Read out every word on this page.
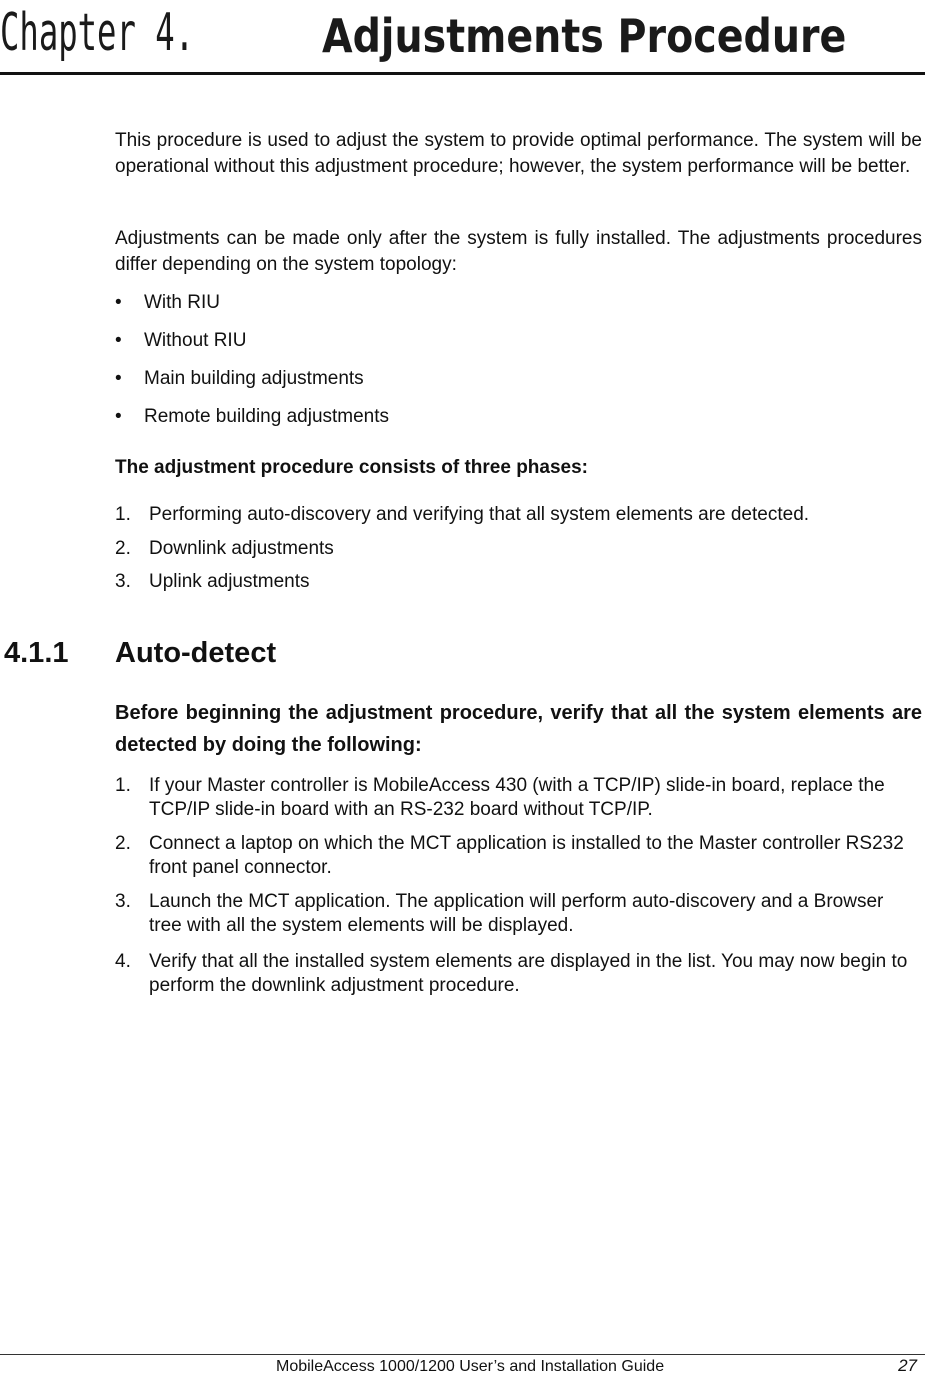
Chapter 4.	Adjustments Procedure

This procedure is used to adjust the system to provide optimal performance. The system will be operational without this adjustment procedure; however, the system performance will be better.

Adjustments can be made only after the system is fully installed. The adjustments procedures differ depending on the system topology:

• With RIU
• Without RIU
• Main building adjustments
• Remote building adjustments
The adjustment procedure consists of three phases:
1. Performing auto-discovery and verifying that all system elements are detected.
2. Downlink adjustments
3. Uplink adjustments
4.1.1 Auto-detect

Before beginning the adjustment procedure, verify that all the system elements are detected by doing the following:

1. If your Master controller is MobileAccess 430 (with a TCP/IP) slide-in board, replace the TCP/IP slide-in board with an RS-232 board without TCP/IP.
2. Connect a laptop on which the MCT application is installed to the Master controller RS232 front panel connector.
3. Launch the MCT application. The application will perform auto-discovery and a Browser tree with all the system elements will be displayed.
4. Verify that all the installed system elements are displayed in the list. You may now begin to perform the downlink adjustment procedure.
MobileAccess 1000/1200 User’s and Installation Guide	27
